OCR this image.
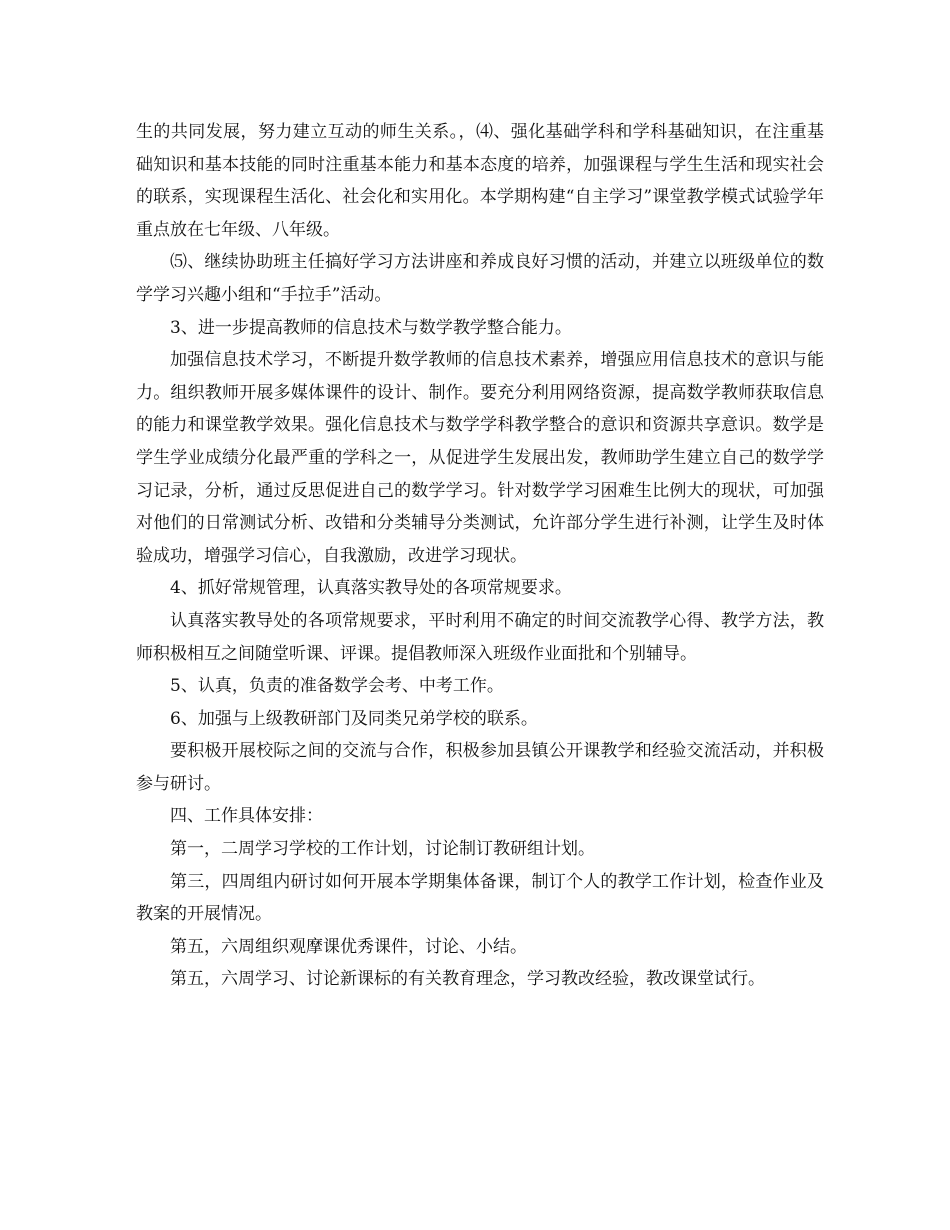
生的共同发展，努力建立互动的师生关系。，⑷、强化基础学科和学科基础知识，在注重基础知识和基本技能的同时注重基本能力和基本态度的培养，加强课程与学生生活和现实社会的联系，实现课程生活化、社会化和实用化。本学期构建“自主学习”课堂教学模式试验学年重点放在七年级、八年级。

⑸、继续协助班主任搞好学习方法讲座和养成良好习惯的活动，并建立以班级单位的数学学习兴趣小组和“手拉手”活动。

3、进一步提高教师的信息技术与数学教学整合能力。

加强信息技术学习，不断提升数学教师的信息技术素养，增强应用信息技术的意识与能力。组织教师开展多媒体课件的设计、制作。要充分利用网络资源，提高数学教师获取信息的能力和课堂教学效果。强化信息技术与数学学科教学整合的意识和资源共享意识。数学是学生学业成绩分化最严重的学科之一，从促进学生发展出发，教师助学生建立自己的数学学习记录，分析，通过反思促进自己的数学学习。针对数学学习困难生比例大的现状，可加强对他们的日常测试分析、改错和分类辅导分类测试，允许部分学生进行补测，让学生及时体验成功，增强学习信心，自我激励，改进学习现状。

4、抓好常规管理，认真落实教导处的各项常规要求。

认真落实教导处的各项常规要求，平时利用不确定的时间交流教学心得、教学方法，教师积极相互之间随堂听课、评课。提倡教师深入班级作业面批和个别辅导。

5、认真，负责的准备数学会考、中考工作。

6、加强与上级教研部门及同类兄弟学校的联系。

要积极开展校际之间的交流与合作，积极参加县镇公开课教学和经验交流活动，并积极参与研讨。

四、工作具体安排：

第一，二周学习学校的工作计划，讨论制订教研组计划。

第三，四周组内研讨如何开展本学期集体备课，制订个人的教学工作计划，检查作业及教案的开展情况。

第五，六周组织观摩课优秀课件，讨论、小结。

第五，六周学习、讨论新课标的有关教育理念，学习教改经验，教改课堂试行。
